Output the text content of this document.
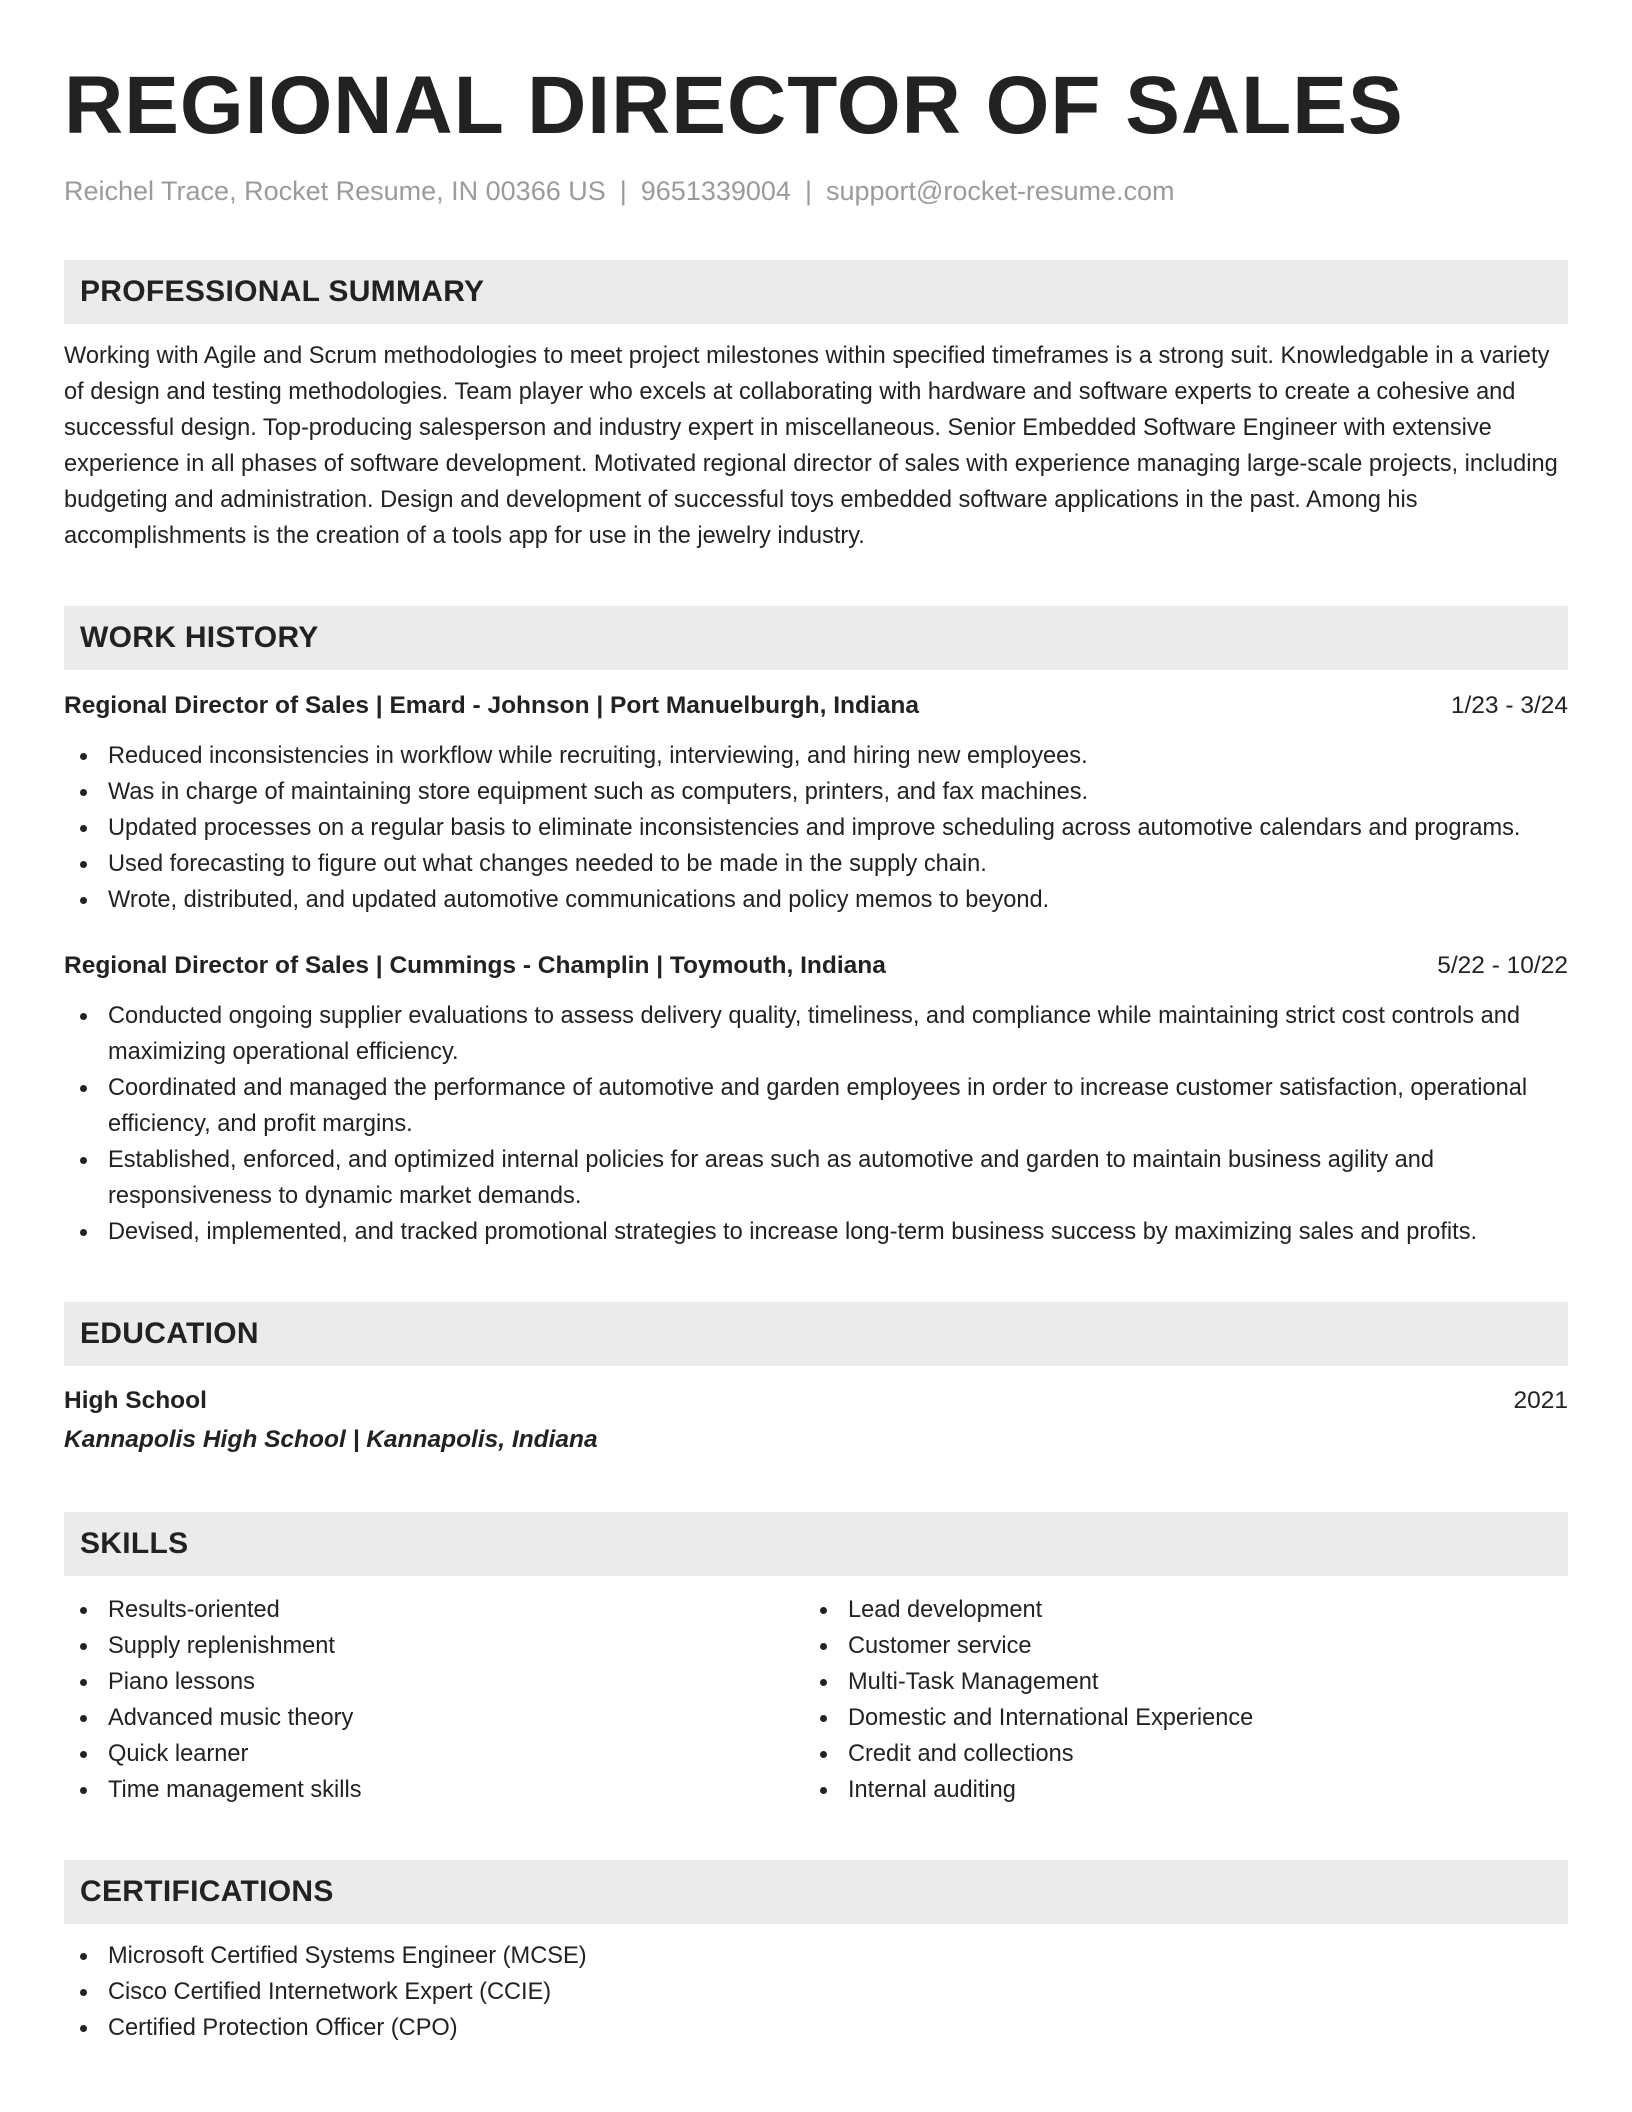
REGIONAL DIRECTOR OF SALES
Reichel Trace, Rocket Resume, IN 00366 US | 9651339004 | support@rocket-resume.com
PROFESSIONAL SUMMARY

Working with Agile and Scrum methodologies to meet project milestones within specified timeframes is a strong suit. Knowledgable in a variety of design and testing methodologies. Team player who excels at collaborating with hardware and software experts to create a cohesive and successful design. Top-producing salesperson and industry expert in miscellaneous. Senior Embedded Software Engineer with extensive experience in all phases of software development. Motivated regional director of sales with experience managing large-scale projects, including budgeting and administration. Design and development of successful toys embedded software applications in the past. Among his accomplishments is the creation of a tools app for use in the jewelry industry.

WORK HISTORY
Regional Director of Sales | Emard - Johnson | Port Manuelburgh, Indiana	1/23 - 3/24
Reduced inconsistencies in workflow while recruiting, interviewing, and hiring new employees.
Was in charge of maintaining store equipment such as computers, printers, and fax machines.
Updated processes on a regular basis to eliminate inconsistencies and improve scheduling across automotive calendars and programs.
Used forecasting to figure out what changes needed to be made in the supply chain.
Wrote, distributed, and updated automotive communications and policy memos to beyond.
Regional Director of Sales | Cummings - Champlin | Toymouth, Indiana	5/22 - 10/22
Conducted ongoing supplier evaluations to assess delivery quality, timeliness, and compliance while maintaining strict cost controls and maximizing operational efficiency.
Coordinated and managed the performance of automotive and garden employees in order to increase customer satisfaction, operational efficiency, and profit margins.
Established, enforced, and optimized internal policies for areas such as automotive and garden to maintain business agility and responsiveness to dynamic market demands.
Devised, implemented, and tracked promotional strategies to increase long-term business success by maximizing sales and profits.
EDUCATION
High School	2021
Kannapolis High School | Kannapolis, Indiana
SKILLS
Results-oriented
Supply replenishment
Piano lessons
Advanced music theory
Quick learner
Time management skills
Lead development
Customer service
Multi-Task Management
Domestic and International Experience
Credit and collections
Internal auditing
CERTIFICATIONS
Microsoft Certified Systems Engineer (MCSE)
Cisco Certified Internetwork Expert (CCIE)
Certified Protection Officer (CPO)
